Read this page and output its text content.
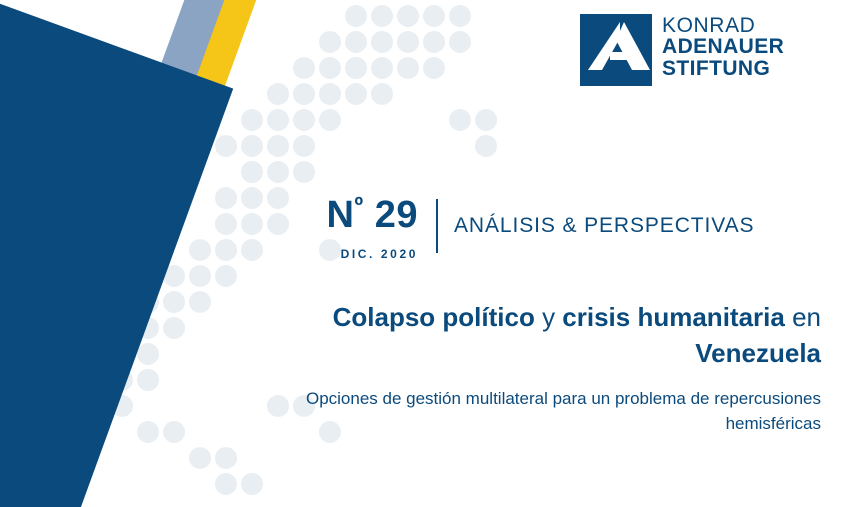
KONRAD
ADENAUER
STIFTUNG
$N^º$ 29
DIC. 2020
ANÁLISIS & PERSPECTIVAS
Colapso político y crisis humanitaria en Venezuela
Opciones de gestión multilateral para un problema de repercusiones hemisféricas
